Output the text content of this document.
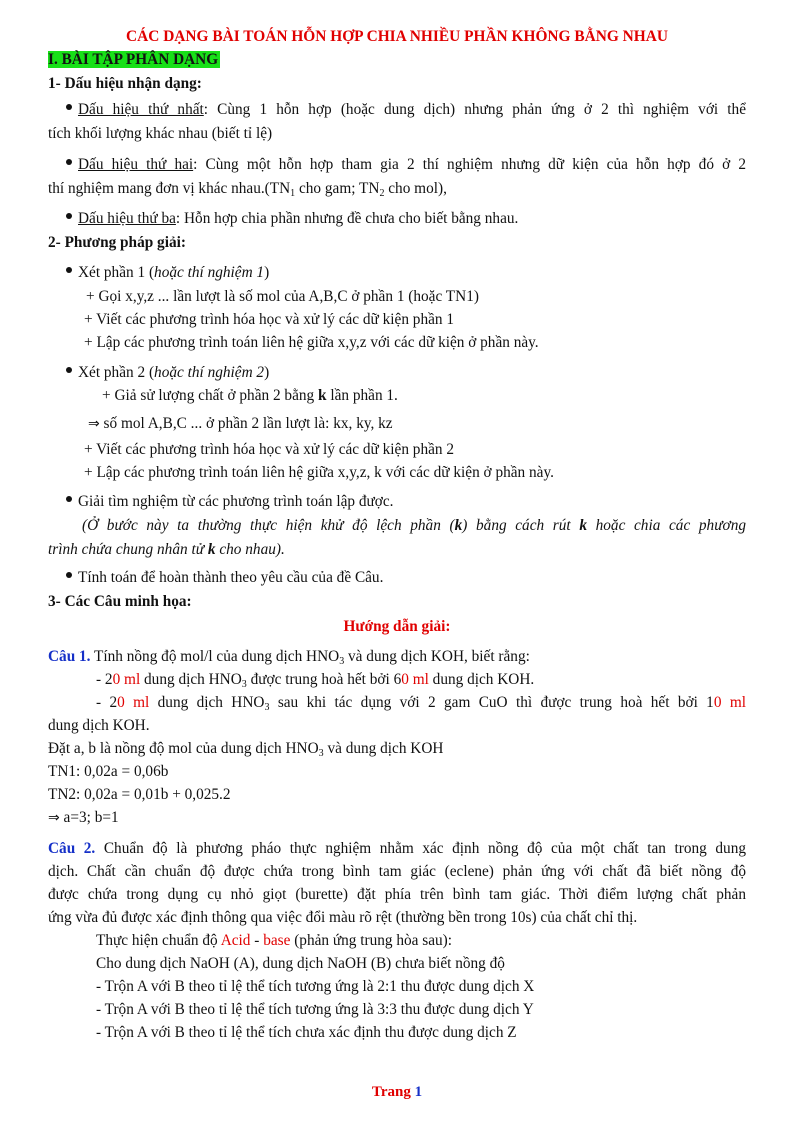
CÁC DẠNG BÀI TOÁN HỖN HỢP CHIA NHIỀU PHẦN KHÔNG BẰNG NHAU
I. BÀI TẬP PHÂN DẠNG
1- Dấu hiệu nhận dạng:
Dấu hiệu thứ nhất: Cùng 1 hỗn hợp (hoặc dung dịch) nhưng phản ứng ở 2 thì nghiệm với thể
tích khối lượng khác nhau (biết tỉ lệ)
Dấu hiệu thứ hai: Cùng một hỗn hợp tham gia 2 thí nghiệm nhưng dữ kiện của hỗn hợp đó ở 2
thí nghiệm mang đơn vị khác $nhau.(TN_1$ cho gam; $TN_2$ cho mol),
Dấu hiệu thứ ba: Hỗn hợp chia phần nhưng đề chưa cho biết bằng nhau.
2- Phương pháp giải:
Xét phần 1 (hoặc thí nghiệm 1)
+ Gọi x,y,z ... lần lượt là số mol của A,B,C ở phần 1 (hoặc TN1)
+ Viết các phương trình hóa học và xử lý các dữ kiện phần 1
+ Lập các phương trình toán liên hệ giữa x,y,z với các dữ kiện ở phần này.
Xét phần 2 (hoặc thí nghiệm 2)
+ Giả sử lượng chất ở phần 2 bằng k lần phần 1.
⇒ số mol A,B,C ... ở phần 2 lần lượt là: kx, ky, kz
+ Viết các phương trình hóa học và xử lý các dữ kiện phần 2
+ Lập các phương trình toán liên hệ giữa x,y,z, k với các dữ kiện ở phần này.
Giải tìm nghiệm từ các phương trình toán lập được.
(Ở bước này ta thường thực hiện khử độ lệch phần (k) bằng cách rút k hoặc chia các phương
trình chứa chung nhân tử k cho nhau).
Tính toán để hoàn thành theo yêu cầu của đề Câu.
3- Các Câu minh họa:
Hướng dẫn giải:
Câu 1. Tính nồng độ mol/l của dung dịch $HNO_3$ và dung dịch KOH, biết rằng:
- 20 ml dung dịch $HNO_3$ được trung hoà hết bởi 60 ml dung dịch KOH.
- 20 ml dung dịch $HNO_3$ sau khi tác dụng với 2 gam CuO thì được trung hoà hết bởi 10 ml
dung dịch KOH.
Đặt a, b là nồng độ mol của dung dịch $HNO_3$ và dung dịch KOH
TN1: 0,02a = 0,06b
TN2: 0,02a = 0,01b + 0,025.2
⇒ a=3; b=1
Câu 2. Chuẩn độ là phương pháo thực nghiệm nhằm xác định nồng độ của một chất tan trong dung
dịch. Chất cần chuẩn độ được chứa trong bình tam giác (eclene) phản ứng với chất đã biết nồng độ
được chứa trong dụng cụ nhỏ giọt (burette) đặt phía trên bình tam giác. Thời điểm lượng chất phản
ứng vừa đủ được xác định thông qua việc đổi màu rõ rệt (thường bền trong 10s) của chất chỉ thị.
Thực hiện chuẩn độ Acid - base (phản ứng trung hòa sau):
Cho dung dịch NaOH (A), dung dịch NaOH (B) chưa biết nồng độ
- Trộn A với B theo tỉ lệ thể tích tương ứng là 2:1 thu được dung dịch X
- Trộn A với B theo tỉ lệ thể tích tương ứng là 3:3 thu được dung dịch Y
- Trộn A với B theo tỉ lệ thể tích chưa xác định thu được dung dịch Z
Trang 1
